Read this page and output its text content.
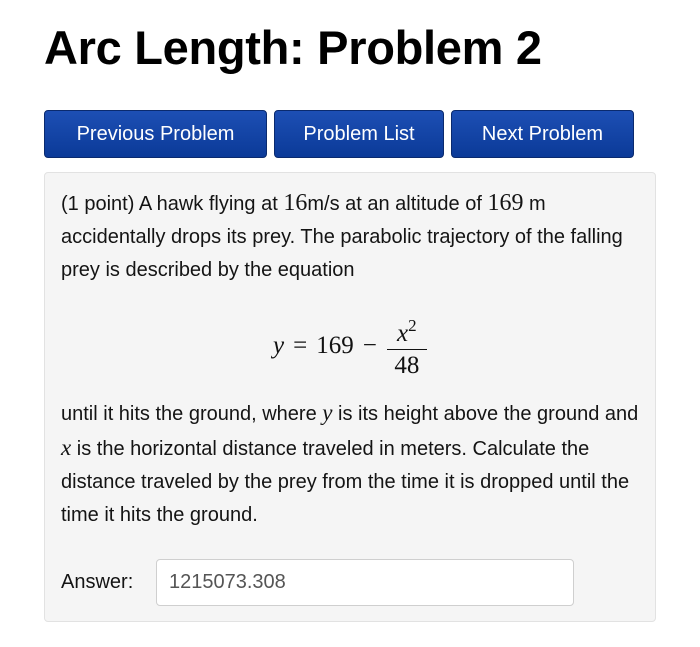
Arc Length: Problem 2
Previous Problem	Problem List	Next Problem

(1 point) A hawk flying at 16m/s at an altitude of 169 m accidentally drops its prey. The parabolic trajectory of the falling prey is described by the equation

$y = 169 - \frac{x^2}{48}$

until it hits the ground, where y is its height above the ground and x is the horizontal distance traveled in meters. Calculate the distance traveled by the prey from the time it is dropped until the time it hits the ground.

Answer:
1215073.308
